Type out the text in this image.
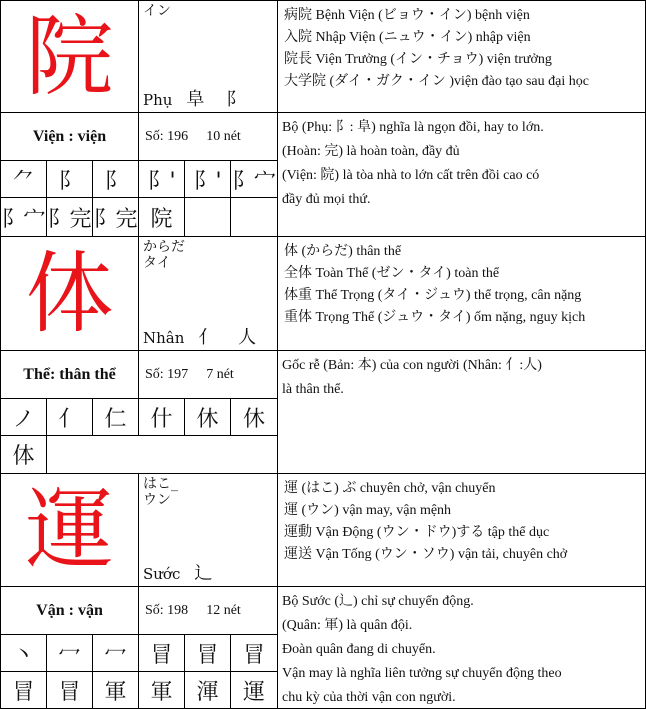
院	イン
Phụ 阜 阝
病院 Bệnh Viện (ビョウ・イン) bệnh viện
入院 Nhập Viện (ニュウ・イン) nhập viện
院長 Viện Trưởng (イン・チョウ) viện trưởng
大学院 (ダイ・ガク・イン )viện đào tạo sau đại học
Viện : viện	Số: 196 10 nét
Bộ (Phụ: 阝: 阜) nghĩa là ngọn đồi, hay to lớn.
(Hoàn: 完) là hoàn toàn, đầy đủ
(Viện: 院) là tòa nhà to lớn cất trên đồi cao có
đầy đủ mọi thứ.
⺈	阝	阝 阝' 阝' 阝宀
阝宀 阝完 阝完 院
体	からだ
タイ
Nhân 亻 人
体 (からだ) thân thể
全体 Toàn Thể (ゼン・タイ) toàn thể
体重 Thể Trọng (タイ・ジュウ) thể trọng, cân nặng
重体 Trọng Thể (ジュウ・タイ) ốm nặng, nguy kịch
Thể: thân thể	Số: 197 7 nét
Gốc rễ (Bản: 本) của con người (Nhân: 亻:人)
là thân thể.
ノ	亻	仁	什	休	休
体
運	はこ_
ウン
Sước 辶
運 (はこ) ぶ chuyên chở, vận chuyển
運 (ウン) vận may, vận mệnh
運動 Vận Động (ウン・ドウ)する tập thể dục
運送 Vận Tống (ウン・ソウ) vận tải, chuyên chở
Vận : vận	Số: 198 12 nét
Bộ Sước (辶) chỉ sự chuyển động.
(Quân: 軍) là quân đội.
Đoàn quân đang di chuyển.
Vận may là nghĩa liên tưởng sự chuyển động theo
chu kỳ của thời vận con người.
丶	冖	冖	冒	冒	冒
冒	冒	軍	軍	渾	運
